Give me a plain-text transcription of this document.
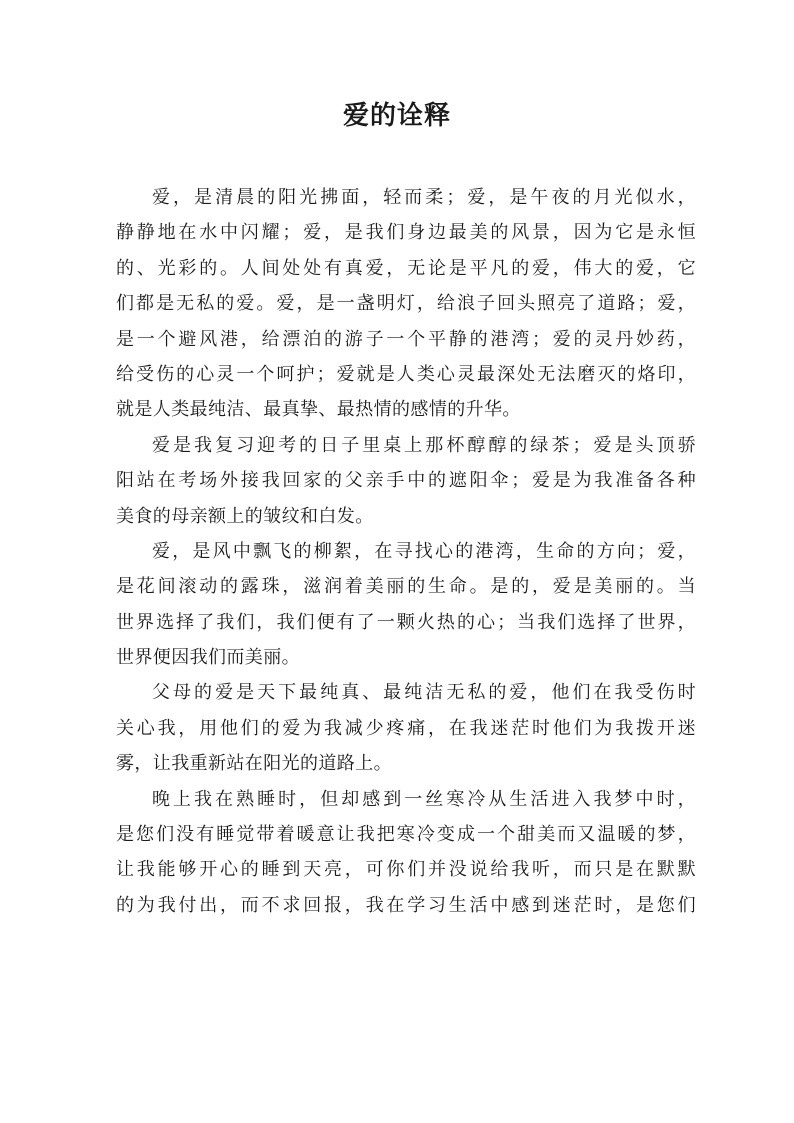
爱的诠释

爱，是清晨的阳光拂面，轻而柔；爱，是午夜的月光似水，
静静地在水中闪耀；爱，是我们身边最美的风景，因为它是永恒
的、光彩的。人间处处有真爱，无论是平凡的爱，伟大的爱，它
们都是无私的爱。爱，是一盏明灯，给浪子回头照亮了道路；爱，
是一个避风港，给漂泊的游子一个平静的港湾；爱的灵丹妙药，
给受伤的心灵一个呵护；爱就是人类心灵最深处无法磨灭的烙印，
就是人类最纯洁、最真挚、最热情的感情的升华。

爱是我复习迎考的日子里桌上那杯醇醇的绿茶；爱是头顶骄
阳站在考场外接我回家的父亲手中的遮阳伞；爱是为我准备各种
美食的母亲额上的皱纹和白发。

爱，是风中飘飞的柳絮，在寻找心的港湾，生命的方向；爱，
是花间滚动的露珠，滋润着美丽的生命。是的，爱是美丽的。当
世界选择了我们，我们便有了一颗火热的心；当我们选择了世界，
世界便因我们而美丽。

父母的爱是天下最纯真、最纯洁无私的爱，他们在我受伤时
关心我，用他们的爱为我减少疼痛，在我迷茫时他们为我拨开迷
雾，让我重新站在阳光的道路上。

晚上我在熟睡时，但却感到一丝寒冷从生活进入我梦中时，
是您们没有睡觉带着暖意让我把寒冷变成一个甜美而又温暖的梦，
让我能够开心的睡到天亮，可你们并没说给我听，而只是在默默
的为我付出，而不求回报，我在学习生活中感到迷茫时，是您们
